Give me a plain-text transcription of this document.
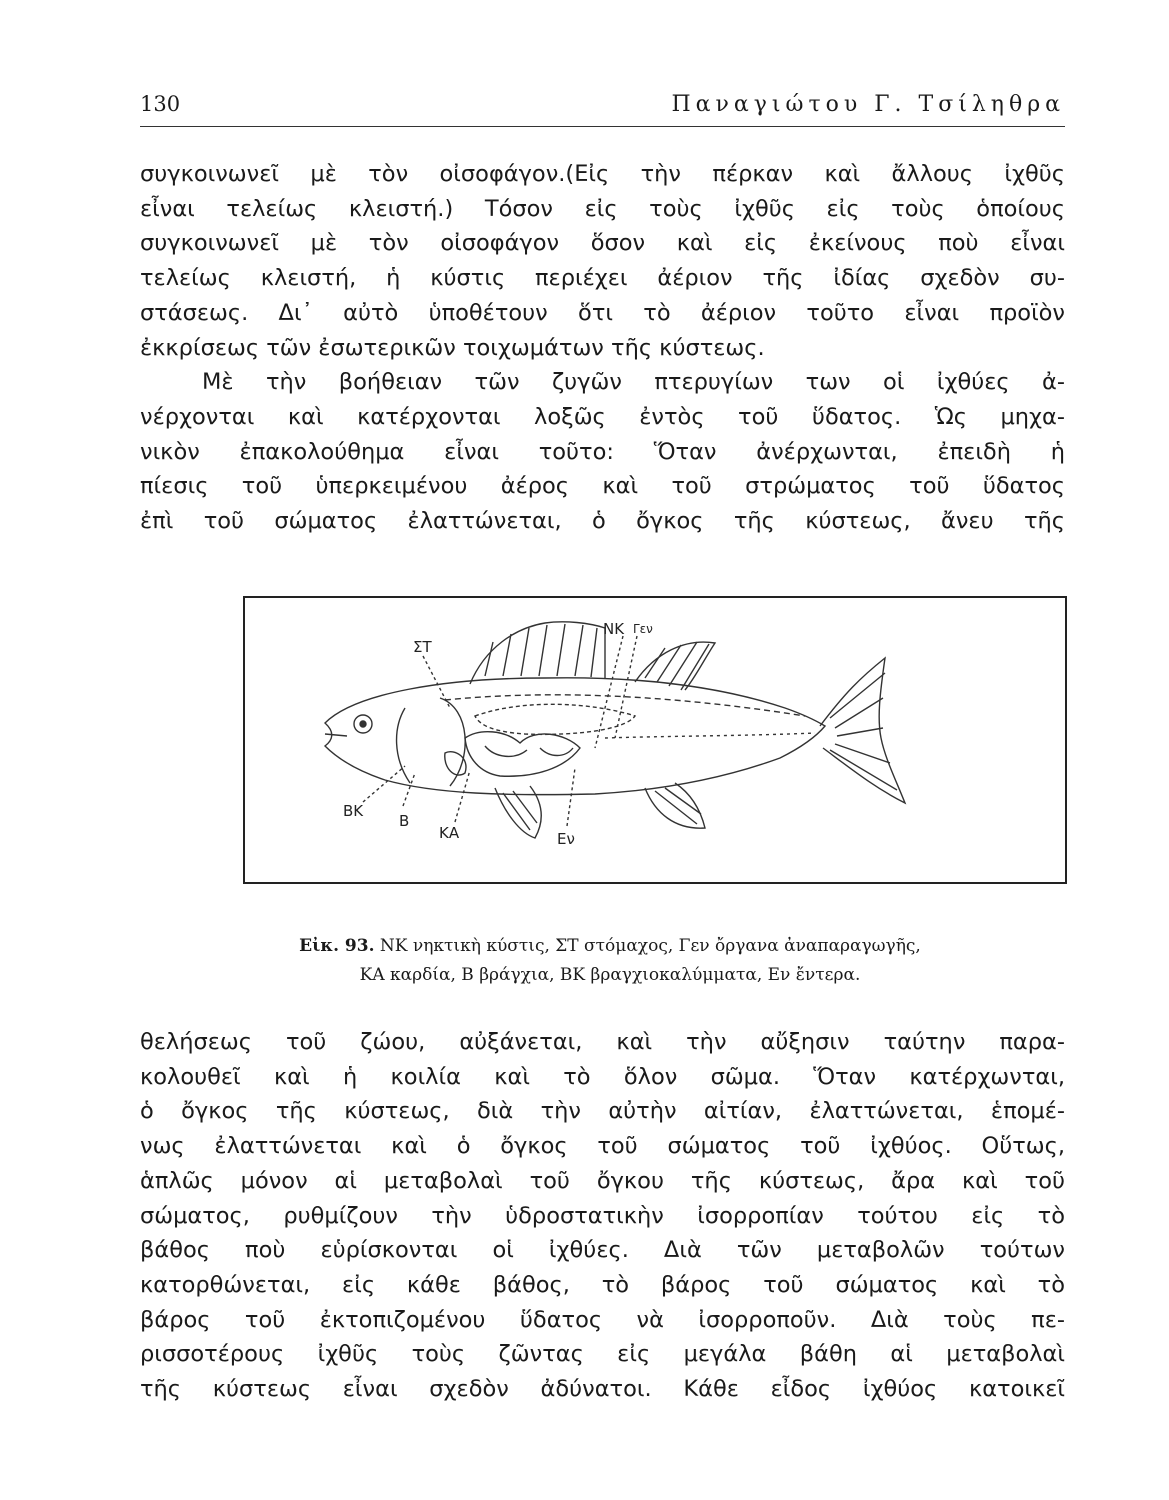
130	Παναγιώτου Γ. Τσίληθρα
συγκοινωνεῖ μὲ τὸν οἰσοφάγον.(Εἰς τὴν πέρκαν καὶ ἄλλους ἰχθῦς
εἶναι τελείως κλειστή.) Τόσον εἰς τοὺς ἰχθῦς εἰς τοὺς ὁποίους
συγκοινωνεῖ μὲ τὸν οἰσοφάγον ὅσον καὶ εἰς ἐκείνους ποὺ εἶναι
τελείως κλειστή, ἡ κύστις περιέχει ἀέριον τῆς ἰδίας σχεδὸν συ-
στάσεως. Δι᾽ αὐτὸ ὑποθέτουν ὅτι τὸ ἀέριον τοῦτο εἶναι προϊὸν
ἐκκρίσεως τῶν ἐσωτερικῶν τοιχωμάτων τῆς κύστεως.
Μὲ τὴν βοήθειαν τῶν ζυγῶν πτερυγίων των οἱ ἰχθύες ἀ-
νέρχονται καὶ κατέρχονται λοξῶς ἐντὸς τοῦ ὕδατος. Ὡς μηχα-
νικὸν ἐπακολούθημα εἶναι τοῦτο: Ὅταν ἀνέρχωνται, ἐπειδὴ ἡ
πίεσις τοῦ ὑπερκειμένου ἀέρος καὶ τοῦ στρώματος τοῦ ὕδατος
ἐπὶ τοῦ σώματος ἐλαττώνεται, ὁ ὄγκος τῆς κύστεως, ἄνευ τῆς
ΝΚ Γεν
ΣΤ
ΒΚ
Β
ΚΑ	Εν

Εἰκ. 93. ΝΚ νηκτικὴ κύστις, ΣΤ στόμαχος, Γεν ὄργανα ἀναπαραγωγῆς,
ΚΑ καρδία, Β βράγχια, ΒΚ βραγχιοκαλύμματα, Εν ἔντερα.

θελήσεως τοῦ ζώου, αὐξάνεται, καὶ τὴν αὔξησιν ταύτην παρα-
κολουθεῖ καὶ ἡ κοιλία καὶ τὸ ὅλον σῶμα. Ὅταν κατέρχωνται,
ὁ ὄγκος τῆς κύστεως, διὰ τὴν αὐτὴν αἰτίαν, ἐλαττώνεται, ἑπομέ-
νως ἐλαττώνεται καὶ ὁ ὄγκος τοῦ σώματος τοῦ ἰχθύος. Οὕτως,
ἁπλῶς μόνον αἱ μεταβολαὶ τοῦ ὄγκου τῆς κύστεως, ἄρα καὶ τοῦ
σώματος, ρυθμίζουν τὴν ὑδροστατικὴν ἰσορροπίαν τούτου εἰς τὸ
βάθος ποὺ εὑρίσκονται οἱ ἰχθύες. Διὰ τῶν μεταβολῶν τούτων
κατορθώνεται, εἰς κάθε βάθος, τὸ βάρος τοῦ σώματος καὶ τὸ
βάρος τοῦ ἐκτοπιζομένου ὕδατος νὰ ἰσορροποῦν. Διὰ τοὺς πε-
ρισσοτέρους ἰχθῦς τοὺς ζῶντας εἰς μεγάλα βάθη αἱ μεταβολαὶ
τῆς κύστεως εἶναι σχεδὸν ἀδύνατοι. Κάθε εἶδος ἰχθύος κατοικεῖ
